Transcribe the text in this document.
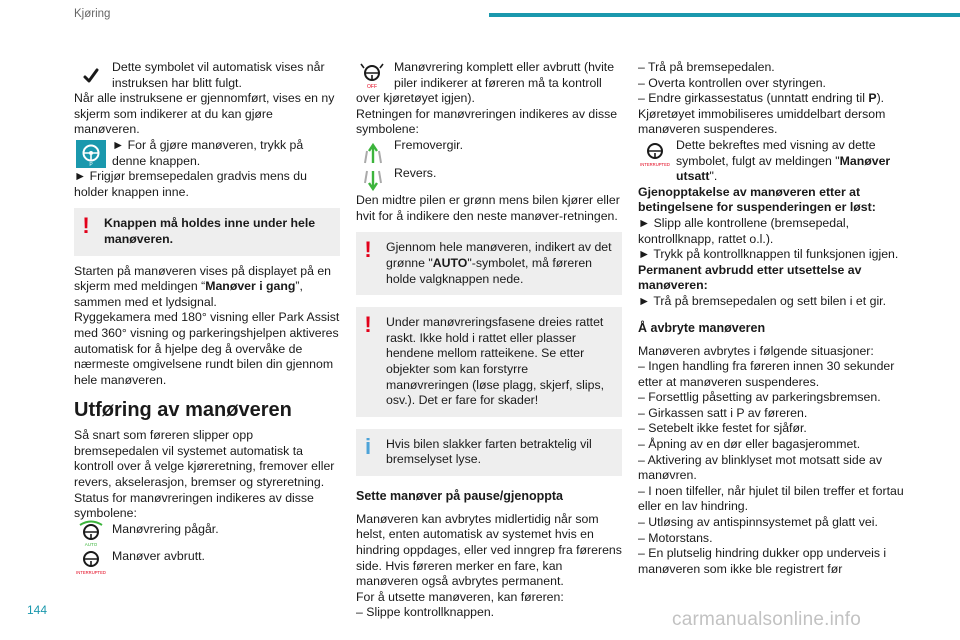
Kjøring

Dette symbolet vil automatisk vises når instruksen har blitt fulgt.

Når alle instruksene er gjennomført, vises en ny skjerm som indikerer at du kan gjøre manøveren.

P

► For å gjøre manøveren, trykk på denne knappen.

► Frigjør bremsepedalen gradvis mens du holder knappen inne.

!	Knappen må holdes inne under hele manøveren.

Starten på manøveren vises på displayet på en skjerm med meldingen “Manøver i gang”, sammen med et lydsignal.

Ryggekamera med 180° visning eller Park Assist med 360° visning og parkeringshjelpen aktiveres automatisk for å hjelpe deg å overvåke de nærmeste omgivelsene rundt bilen din gjennom hele manøveren.

Utføring av manøveren

Så snart som føreren slipper opp bremsepedalen vil systemet automatisk ta kontroll over å velge kjøreretning, fremover eller revers, akselerasjon, bremser og styreretning.

Status for manøvreringen indikeres av disse symbolene:

AUTO

Manøvrering pågår.

INTERRUPTED

Manøver avbrutt.

OFF

Manøvrering komplett eller avbrutt (hvite piler indikerer at føreren må ta kontroll over kjøretøyet igjen).

Retningen for manøvreringen indikeres av disse symbolene:

Fremovergir.

Revers.

Den midtre pilen er grønn mens bilen kjører eller hvit for å indikere den neste manøver-retningen.

!	Gjennom hele manøveren, indikert av det grønne "AUTO"-symbolet, må føreren holde valgknappen nede.

!	Under manøvreringsfasene dreies rattet raskt. Ikke hold i rattet eller plasser hendene mellom ratteikene. Se etter objekter som kan forstyrre manøvreringen (løse plagg, skjerf, slips, osv.). Det er fare for skader!

i	Hvis bilen slakker farten betraktelig vil bremselyset lyse.

Sette manøver på pause/gjenoppta

Manøveren kan avbrytes midlertidig når som helst, enten automatisk av systemet hvis en hindring oppdages, eller ved inngrep fra førerens side. Hvis føreren merker en fare, kan manøveren også avbrytes permanent.

For å utsette manøveren, kan føreren:

– Slippe kontrollknappen.

– Trå på bremsepedalen.

– Overta kontrollen over styringen.

– Endre girkassestatus (unntatt endring til P).

Kjøretøyet immobiliseres umiddelbart dersom manøveren suspenderes.

INTERRUPTED

Dette bekreftes med visning av dette symbolet, fulgt av meldingen "Manøver utsatt".

Gjenopptakelse av manøveren etter at betingelsene for suspenderingen er løst:

► Slipp alle kontrollene (bremsepedal, kontrollknapp, rattet o.l.).

► Trykk på kontrollknappen til funksjonen igjen.

Permanent avbrudd etter utsettelse av manøveren:

► Trå på bremsepedalen og sett bilen i et gir.

Å avbryte manøveren

Manøveren avbrytes i følgende situasjoner:

– Ingen handling fra føreren innen 30 sekunder etter at manøveren suspenderes.

– Forsettlig påsetting av parkeringsbremsen.

– Girkassen satt i P av føreren.

– Setebelt ikke festet for sjåfør.

– Åpning av en dør eller bagasjerommet.

– Aktivering av blinklyset mot motsatt side av manøvren.

– I noen tilfeller, når hjulet til bilen treffer et fortau eller en lav hindring.

– Utløsing av antispinnsystemet på glatt vei.

– Motorstans.

– En plutselig hindring dukker opp underveis i manøveren som ikke ble registrert før

144	carmanualsonline.info
